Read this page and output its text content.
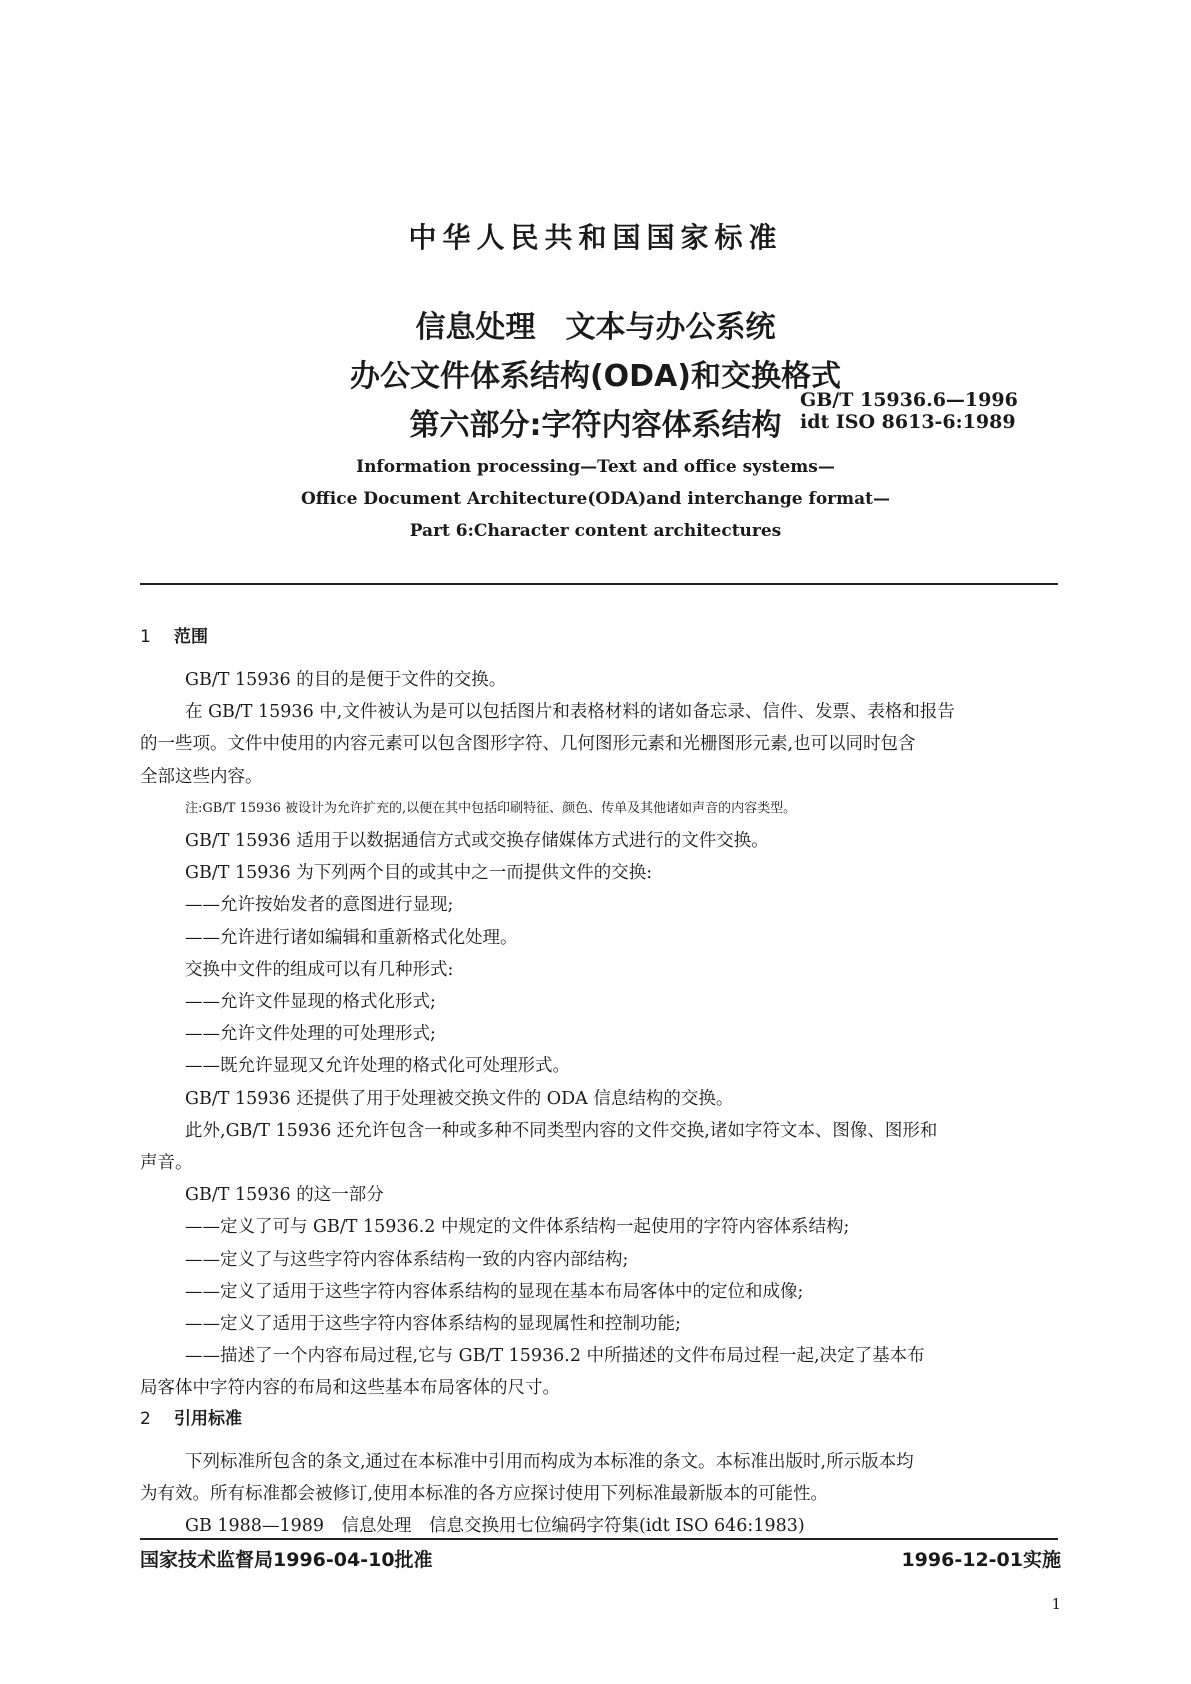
中华人民共和国国家标准
信息处理　文本与办公系统
办公文件体系结构(ODA)和交换格式
第六部分:字符内容体系结构
GB/T 15936.6—1996
idt ISO 8613-6:1989
Information processing—Text and office systems—
Office Document Architecture(ODA)and interchange format—
Part 6:Character content architectures
1 范围
GB/T 15936 的目的是便于文件的交换。
在 GB/T 15936 中,文件被认为是可以包括图片和表格材料的诸如备忘录、信件、发票、表格和报告
的一些项。文件中使用的内容元素可以包含图形字符、几何图形元素和光栅图形元素,也可以同时包含
全部这些内容。
注:GB/T 15936 被设计为允许扩充的,以便在其中包括印刷特征、颜色、传单及其他诸如声音的内容类型。
GB/T 15936 适用于以数据通信方式或交换存储媒体方式进行的文件交换。
GB/T 15936 为下列两个目的或其中之一而提供文件的交换:
——允许按始发者的意图进行显现;
——允许进行诸如编辑和重新格式化处理。
交换中文件的组成可以有几种形式:
——允许文件显现的格式化形式;
——允许文件处理的可处理形式;
——既允许显现又允许处理的格式化可处理形式。
GB/T 15936 还提供了用于处理被交换文件的 ODA 信息结构的交换。
此外,GB/T 15936 还允许包含一种或多种不同类型内容的文件交换,诸如字符文本、图像、图形和
声音。
GB/T 15936 的这一部分
——定义了可与 GB/T 15936.2 中规定的文件体系结构一起使用的字符内容体系结构;
——定义了与这些字符内容体系结构一致的内容内部结构;
——定义了适用于这些字符内容体系结构的显现在基本布局客体中的定位和成像;
——定义了适用于这些字符内容体系结构的显现属性和控制功能;
——描述了一个内容布局过程,它与 GB/T 15936.2 中所描述的文件布局过程一起,决定了基本布
局客体中字符内容的布局和这些基本布局客体的尺寸。
2 引用标准
下列标准所包含的条文,通过在本标准中引用而构成为本标准的条文。本标准出版时,所示版本均
为有效。所有标准都会被修订,使用本标准的各方应探讨使用下列标准最新版本的可能性。
GB 1988—1989　信息处理　信息交换用七位编码字符集(idt ISO 646:1983)
国家技术监督局1996-04-10批准	1996-12-01实施
1
